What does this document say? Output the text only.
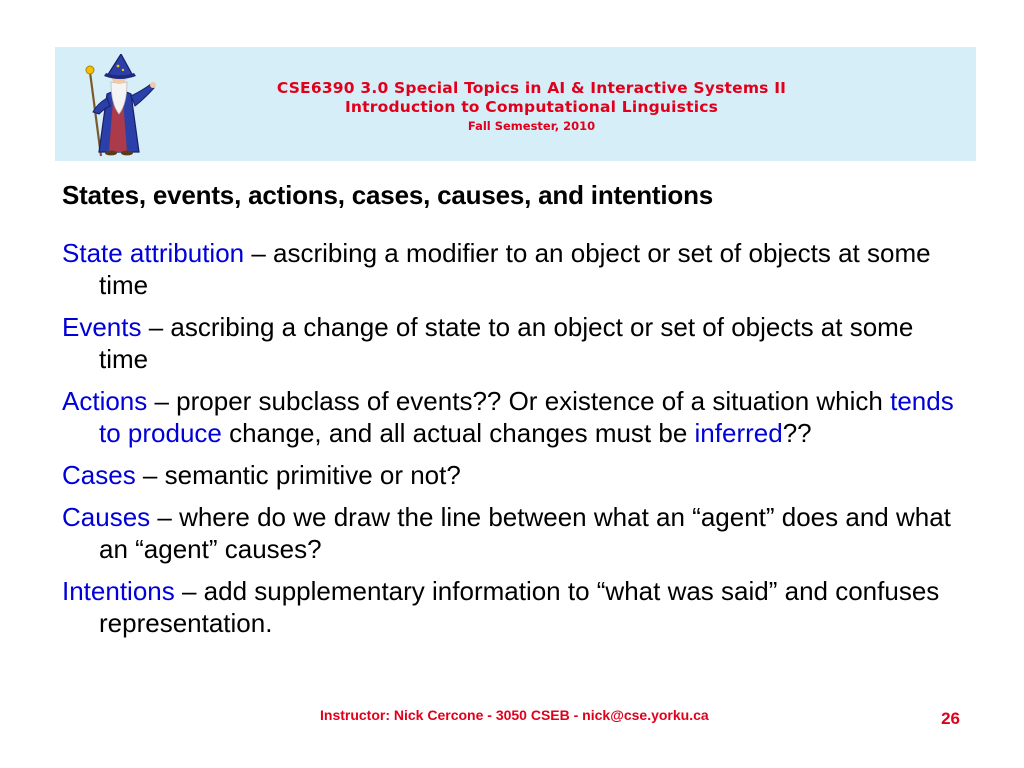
CSE6390 3.0 Special Topics in AI & Interactive Systems II
Introduction to Computational Linguistics
Fall Semester, 2010
States, events, actions, cases, causes, and intentions
State attribution – ascribing a modifier to an object or set of objects at some time
Events – ascribing a change of state to an object or set of objects at some time
Actions – proper subclass of events?? Or existence of a situation which tends to produce change, and all actual changes must be inferred??
Cases – semantic primitive or not?
Causes – where do we draw the line between what an “agent” does and what an “agent” causes?
Intentions – add supplementary information to “what was said” and confuses representation.
Instructor: Nick Cercone - 3050 CSEB - nick@cse.yorku.ca	26
